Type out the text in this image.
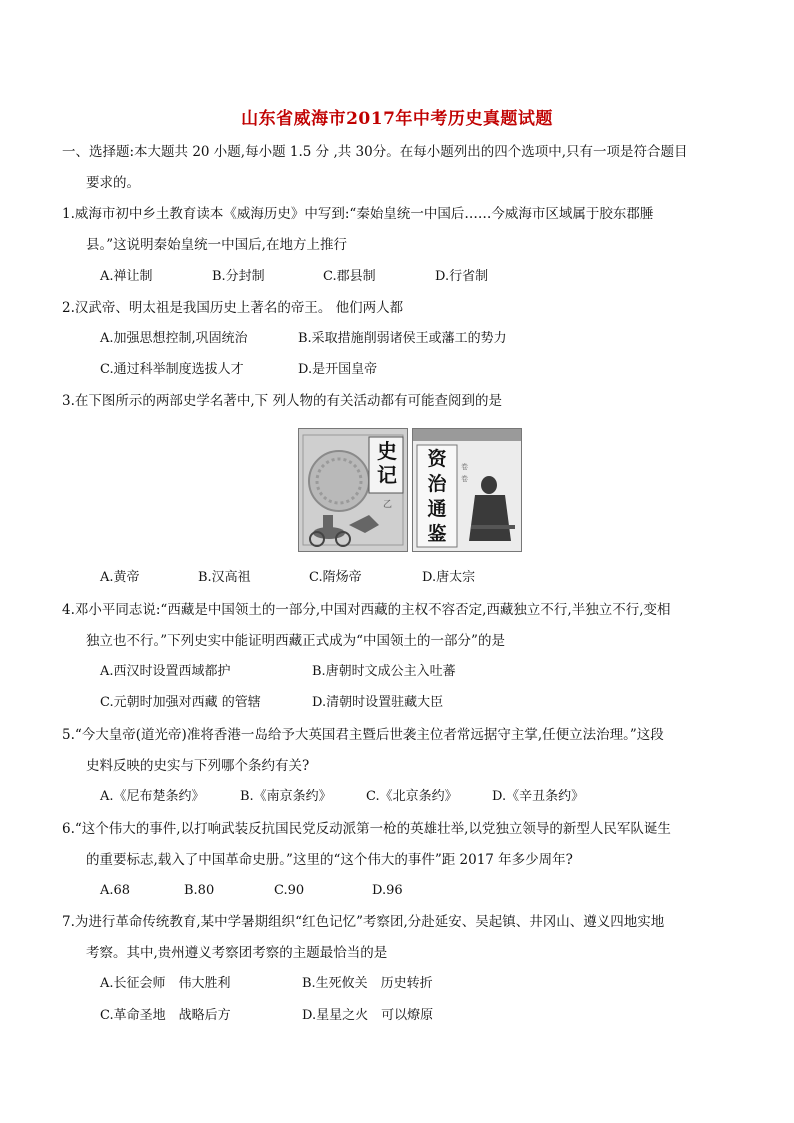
山东省威海市2017年中考历史真题试题
一、选择题:本大题共 20 小题,每小题 1.5 分 ,共 30分。在每小题列出的四个选项中,只有一项是符合题目
要求的。
1.威海市初中乡土教育读本《威海历史》中写到:“秦始皇统一中国后……今威海市区域属于胶东郡腄
县。”这说明秦始皇统一中国后,在地方上推行
A.禅让制	B.分封制	C.郡县制	D.行省制
2.汉武帝、明太祖是我国历史上著名的帝王。 他们两人都
A.加强思想控制,巩固统治	B.采取措施削弱诸侯王或藩工的势力
C.通过科举制度选拔人才	D.是开国皇帝
3.在下图所示的两部史学名著中,下 列人物的有关活动都有可能查阅到的是
乙
史记	卷
卷
资治通鉴
A.黄帝	B.汉高祖	C.隋炀帝	D.唐太宗
4.邓小平同志说:“西藏是中国领土的一部分,中国对西藏的主权不容否定,西藏独立不行,半独立不行,变相
独立也不行。”下列史实中能证明西藏正式成为“中国领土的一部分”的是
A.西汉时设置西域都护	B.唐朝时文成公主入吐蕃
C.元朝时加强对西藏 的管辖	D.清朝时设置驻藏大臣
5.“今大皇帝(道光帝)准将香港一岛给予大英国君主暨后世袭主位者常远据守主掌,任便立法治理。”这段
史料反映的史实与下列哪个条约有关?
A.《尼布楚条约》	B.《南京条约》	C.《北京条约》	D.《辛丑条约》
6.“这个伟大的事件,以打响武装反抗国民党反动派第一枪的英雄壮举,以党独立领导的新型人民军队诞生
的重要标志,载入了中国革命史册。”这里的“这个伟大的事件”距 2017 年多少周年?
A.68	B.80	C.90	D.96
7.为进行革命传统教育,某中学暑期组织“红色记忆”考察团,分赴延安、吴起镇、井冈山、遵义四地实地
考察。其中,贵州遵义考察团考察的主题最恰当的是
A.长征会师　伟大胜利	B.生死攸关　历史转折
C.革命圣地　战略后方	D.星星之火　可以燎原
